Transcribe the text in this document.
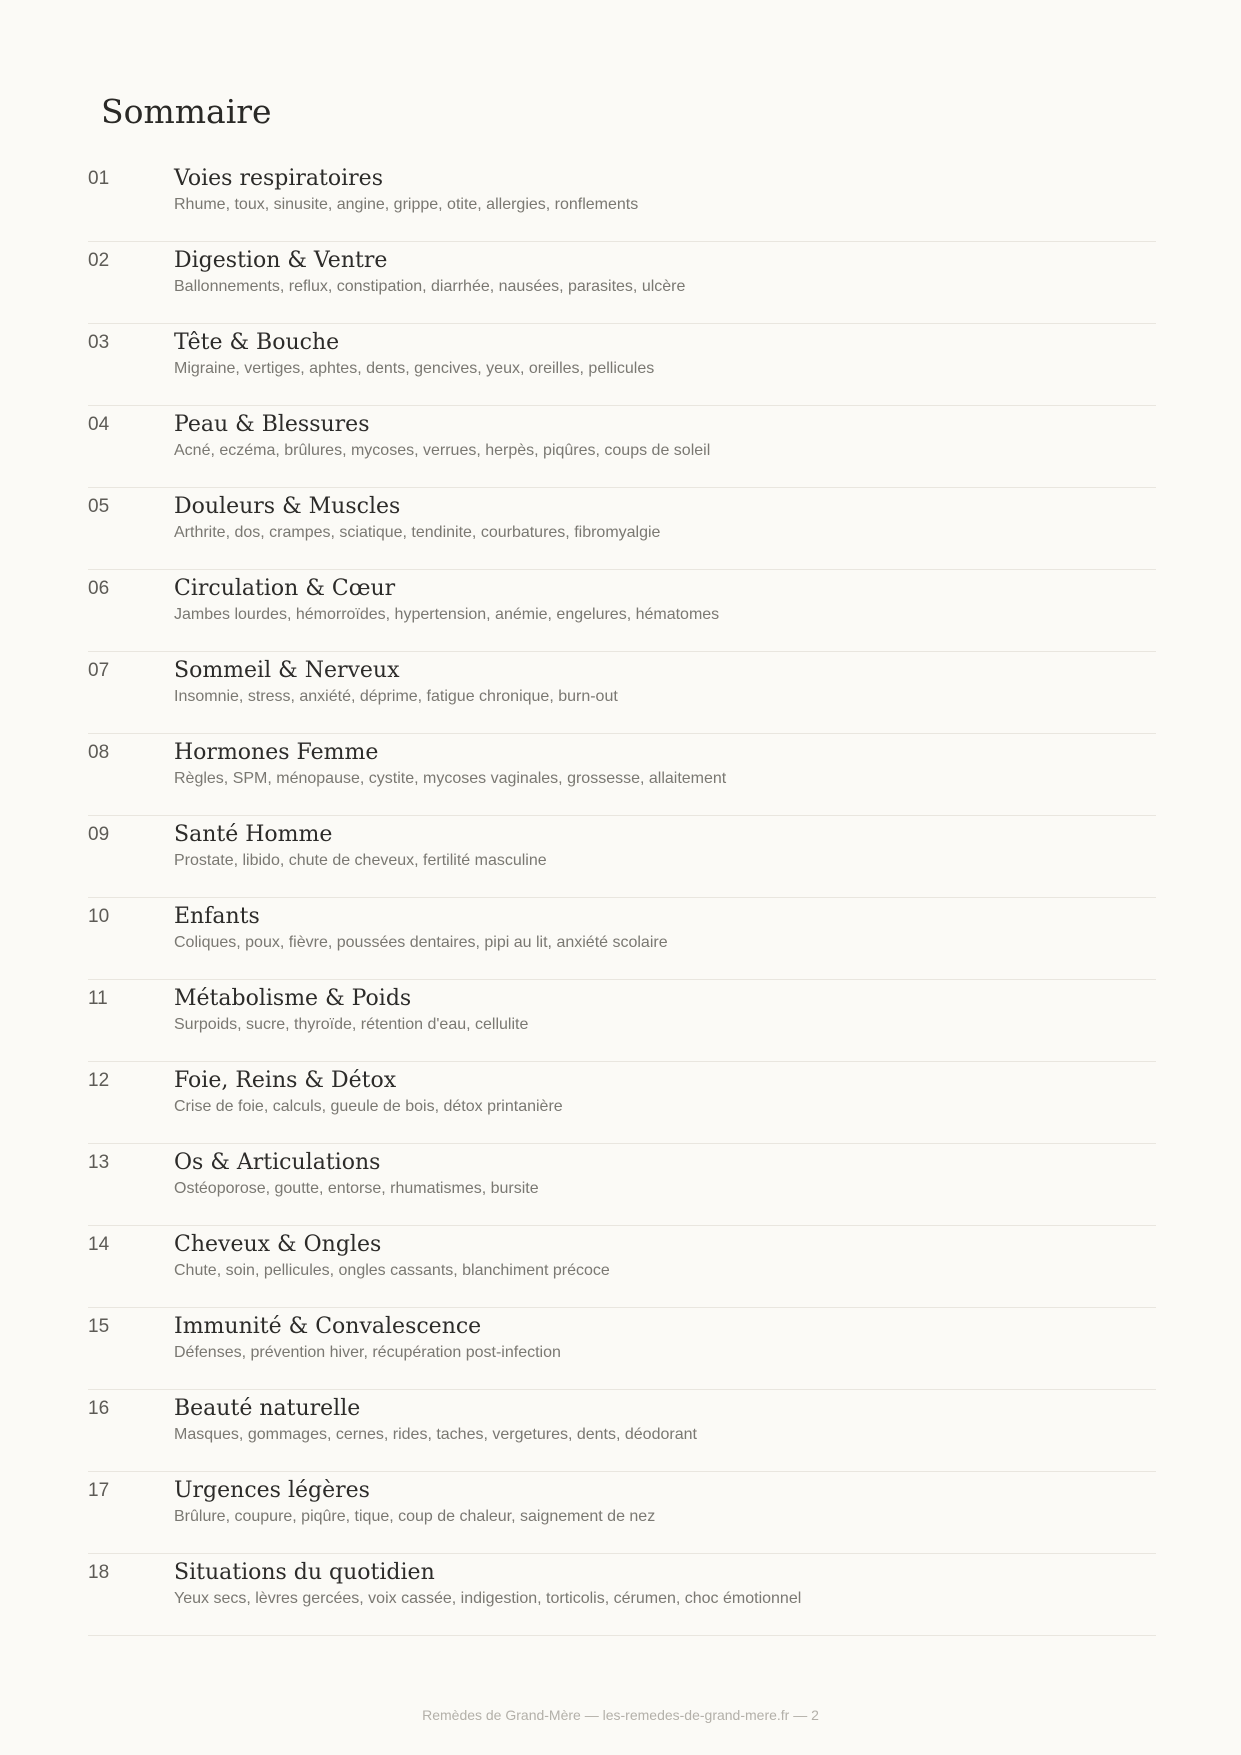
Sommaire
01	Voies respiratoires
Rhume, toux, sinusite, angine, grippe, otite, allergies, ronflements
02	Digestion & Ventre
Ballonnements, reflux, constipation, diarrhée, nausées, parasites, ulcère
03	Tête & Bouche
Migraine, vertiges, aphtes, dents, gencives, yeux, oreilles, pellicules
04	Peau & Blessures
Acné, eczéma, brûlures, mycoses, verrues, herpès, piqûres, coups de soleil
05	Douleurs & Muscles
Arthrite, dos, crampes, sciatique, tendinite, courbatures, fibromyalgie
06	Circulation & Cœur
Jambes lourdes, hémorroïdes, hypertension, anémie, engelures, hématomes
07	Sommeil & Nerveux
Insomnie, stress, anxiété, déprime, fatigue chronique, burn-out
08	Hormones Femme
Règles, SPM, ménopause, cystite, mycoses vaginales, grossesse, allaitement
09	Santé Homme
Prostate, libido, chute de cheveux, fertilité masculine
10	Enfants
Coliques, poux, fièvre, poussées dentaires, pipi au lit, anxiété scolaire
11	Métabolisme & Poids
Surpoids, sucre, thyroïde, rétention d'eau, cellulite
12	Foie, Reins & Détox
Crise de foie, calculs, gueule de bois, détox printanière
13	Os & Articulations
Ostéoporose, goutte, entorse, rhumatismes, bursite
14	Cheveux & Ongles
Chute, soin, pellicules, ongles cassants, blanchiment précoce
15	Immunité & Convalescence
Défenses, prévention hiver, récupération post-infection
16	Beauté naturelle
Masques, gommages, cernes, rides, taches, vergetures, dents, déodorant
17	Urgences légères
Brûlure, coupure, piqûre, tique, coup de chaleur, saignement de nez
18	Situations du quotidien
Yeux secs, lèvres gercées, voix cassée, indigestion, torticolis, cérumen, choc émotionnel
Remèdes de Grand-Mère — les-remedes-de-grand-mere.fr — 2
